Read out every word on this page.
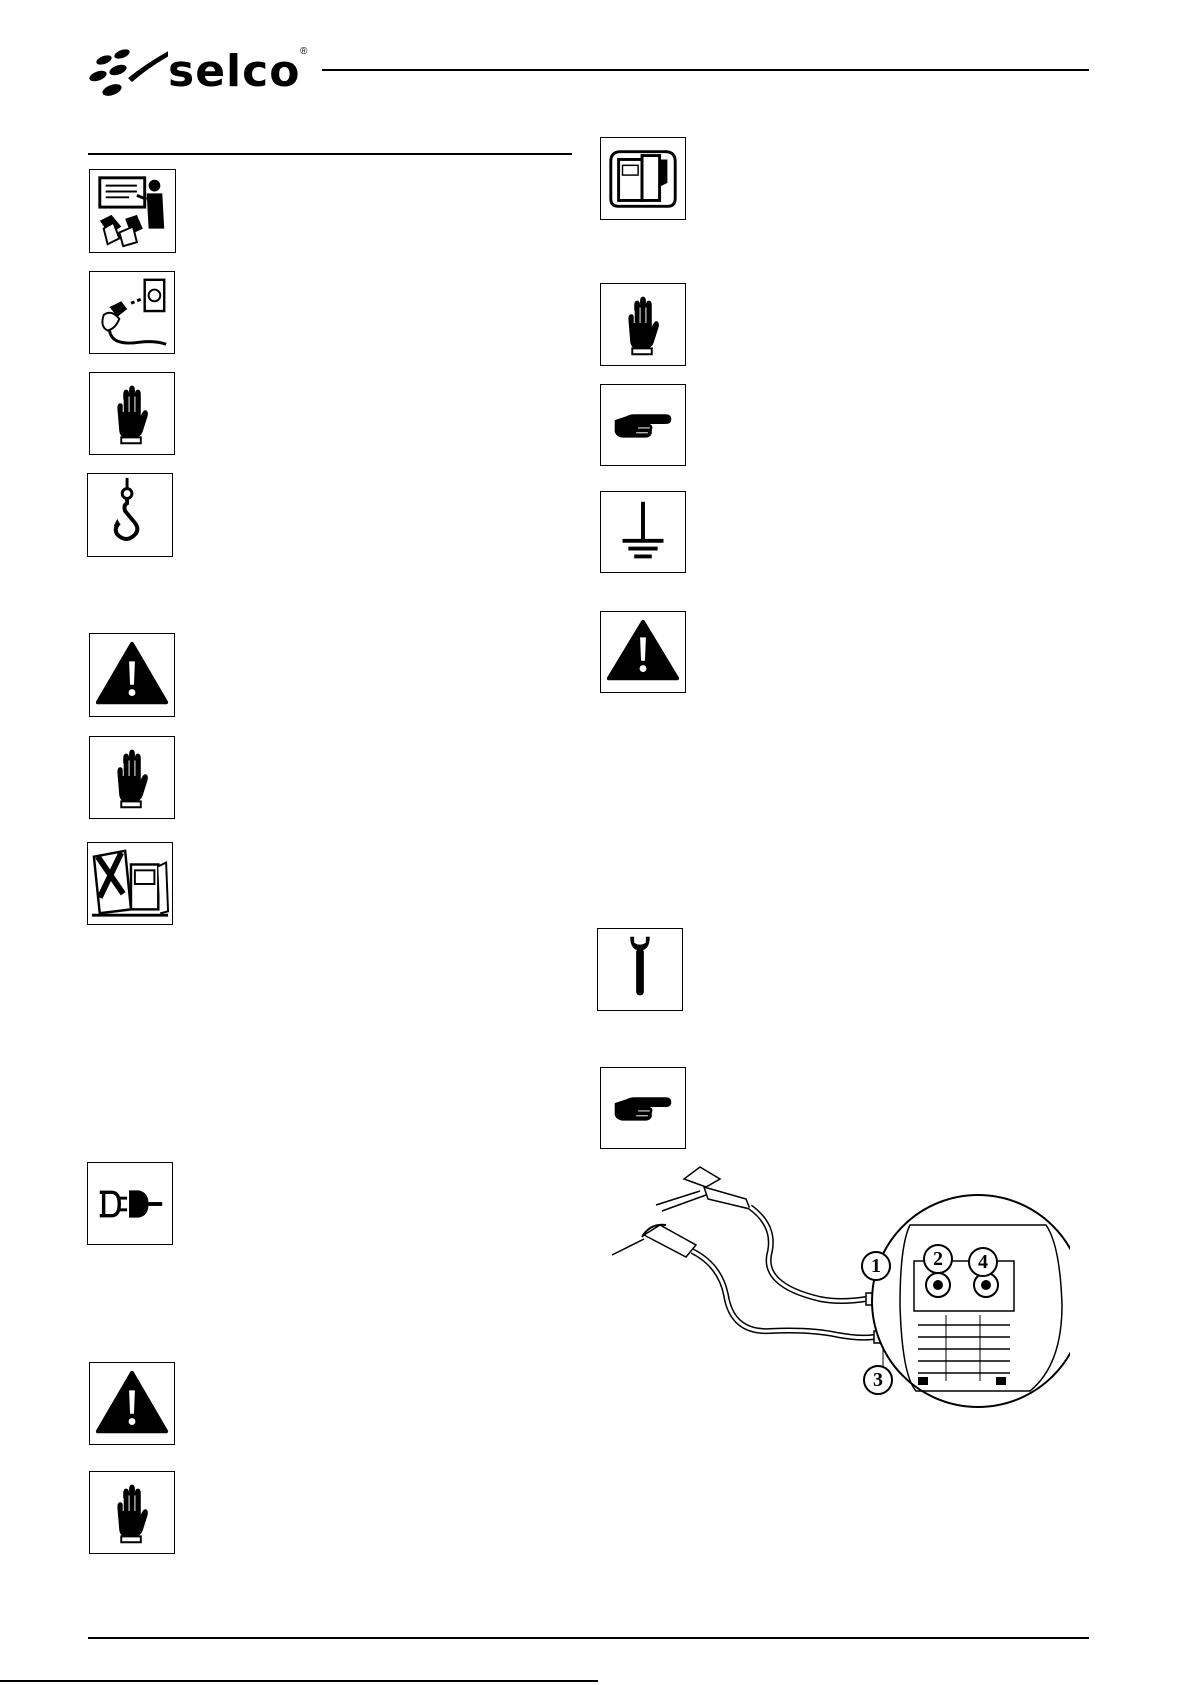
selco ®
1	2	4
3
